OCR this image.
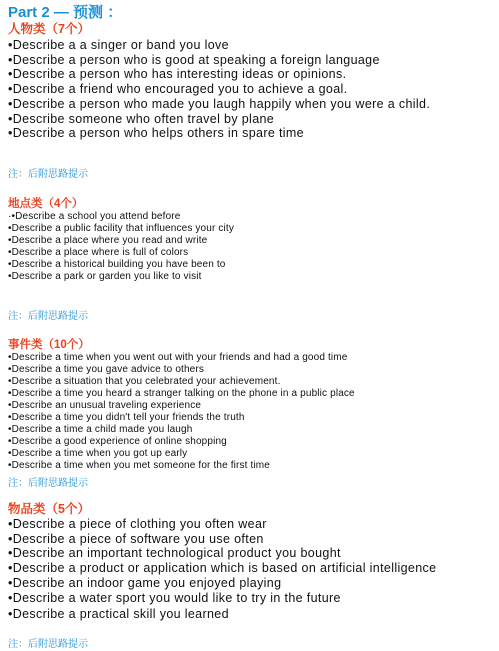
Part 2 — 预测 ：
人物类（7个）
•Describe a a singer or band you love
•Describe a person who is good at speaking a foreign language
•Describe a person who has interesting ideas or opinions.
•Describe a friend who encouraged you to achieve a goal.
•Describe a person who made you laugh happily when you were a child.
•Describe someone who often travel by plane
•Describe a person who helps others in spare time
注：后附思路提示
地点类（4个）
·•Describe a school you attend before
•Describe a public facility that influences your city
•Describe a place where you read and write
•Describe a place where is full of colors
•Describe a historical building you have been to
•Describe a park or garden you like to visit
注：后附思路提示
事件类（10个）
•Describe a time when you went out with your friends and had a good time
•Describe a time you gave advice to others
•Describe a situation that you celebrated your achievement.
•Describe a time you heard a stranger talking on the phone in a public place
•Describe an unusual traveling experience
•Describe a time you didn't tell your friends the truth
•Describe a time a child made you laugh
•Describe a good experience of online shopping
•Describe a time when you got up early
•Describe a time when you met someone for the first time
注：后附思路提示
物品类（5个）
•Describe a piece of clothing you often wear
•Describe a piece of software you use often
•Describe an important technological product you bought
•Describe a product or application which is based on artificial intelligence
•Describe an indoor game you enjoyed playing
•Describe a water sport you would like to try in the future
•Describe a practical skill you learned
注：后附思路提示
